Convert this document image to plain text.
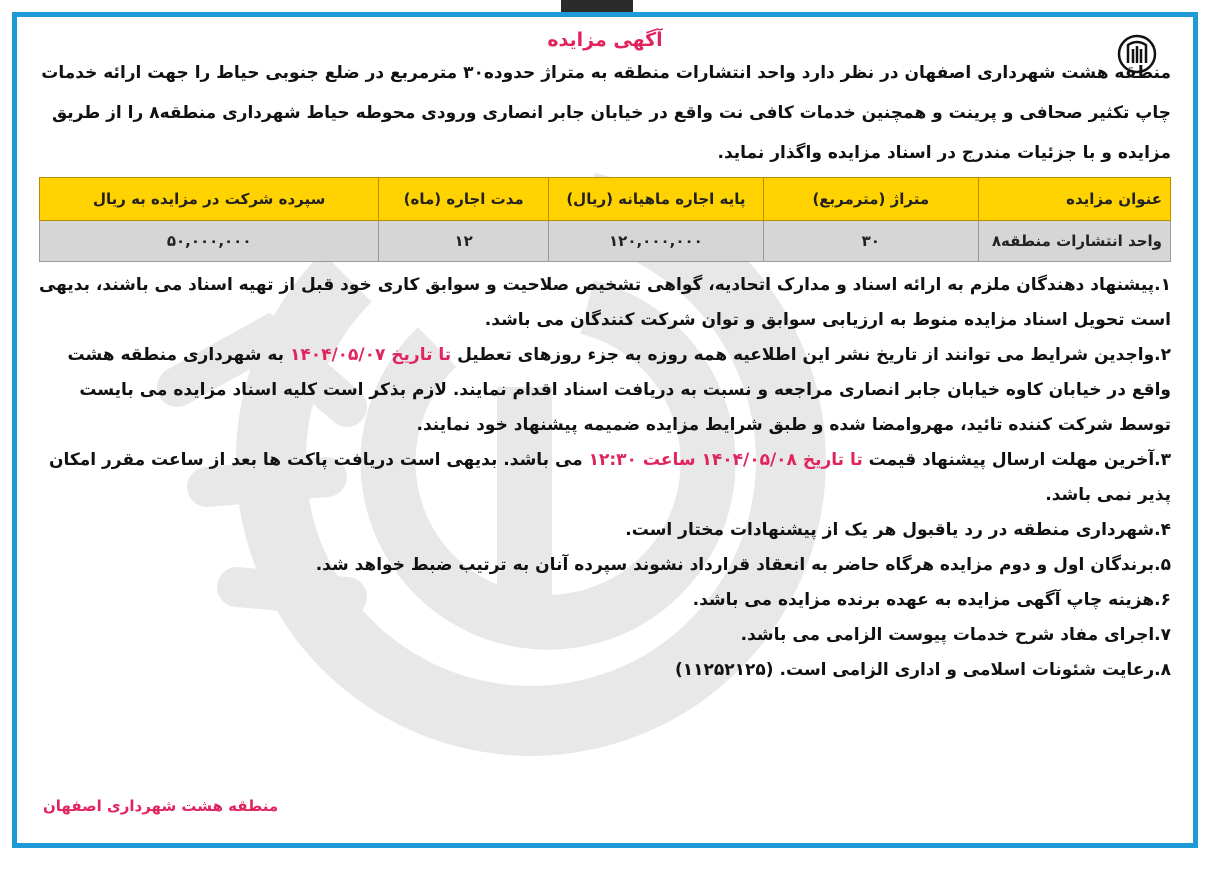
آگهی مزایده
منطقه هشت شهرداری اصفهان در نظر دارد واحد انتشارات منطقه به متراژ حدوده۳۰ مترمربع در ضلع جنوبی حیاط را جهت ارائه خدمات چاپ تکثیر صحافی و پرینت و همچنین خدمات کافی نت واقع در خیابان جابر انصاری ورودی محوطه حیاط شهرداری منطقه۸ را از طریق مزایده و با جزئیات مندرج در اسناد مزایده واگذار نماید.
عنوان مزایده	متراژ (مترمربع)	پایه اجاره ماهیانه (ریال)	مدت اجاره (ماه)	سپرده شرکت در مزایده به ریال
واحد انتشارات منطقه۸	۳۰	۱۲۰,۰۰۰,۰۰۰	۱۲	۵۰,۰۰۰,۰۰۰

۱.پیشنهاد دهندگان ملزم به ارائه اسناد و مدارک اتحادیه، گواهی تشخیص صلاحیت و سوابق کاری خود قبل از تهیه اسناد می باشند، بدیهی است تحویل اسناد مزایده منوط به ارزیابی سوابق و توان شرکت کنندگان می باشد.

۲.واجدین شرایط می توانند از تاریخ نشر این اطلاعیه همه روزه به جزء روزهای تعطیل تا تاریخ ۱۴۰۴/۰۵/۰۷ به شهرداری منطقه هشت واقع در خیابان کاوه خیابان جابر انصاری مراجعه و نسبت به دریافت اسناد اقدام نمایند. لازم بذکر است کلیه اسناد مزایده می بایست توسط شرکت کننده تائید، مهروامضا شده و طبق شرایط مزایده ضمیمه پیشنهاد خود نمایند.

۳.آخرین مهلت ارسال پیشنهاد قیمت تا تاریخ ۱۴۰۴/۰۵/۰۸ ساعت ۱۲:۳۰ می باشد. بدیهی است دریافت پاکت ها بعد از ساعت مقرر امکان پذیر نمی باشد.

۴.شهرداری منطقه در رد یاقبول هر یک از پیشنهادات مختار است.

۵.برندگان اول و دوم مزایده هرگاه حاضر به انعقاد قرارداد نشوند سپرده آنان به ترتیب ضبط خواهد شد.

۶.هزینه چاپ آگهی مزایده به عهده برنده مزایده می باشد.

۷.اجرای مفاد شرح خدمات پیوست الزامی می باشد.

۸.رعایت شئونات اسلامی و اداری الزامی است. (۱۱۲۵۲۱۲۵)

منطقه هشت شهرداری اصفهان
